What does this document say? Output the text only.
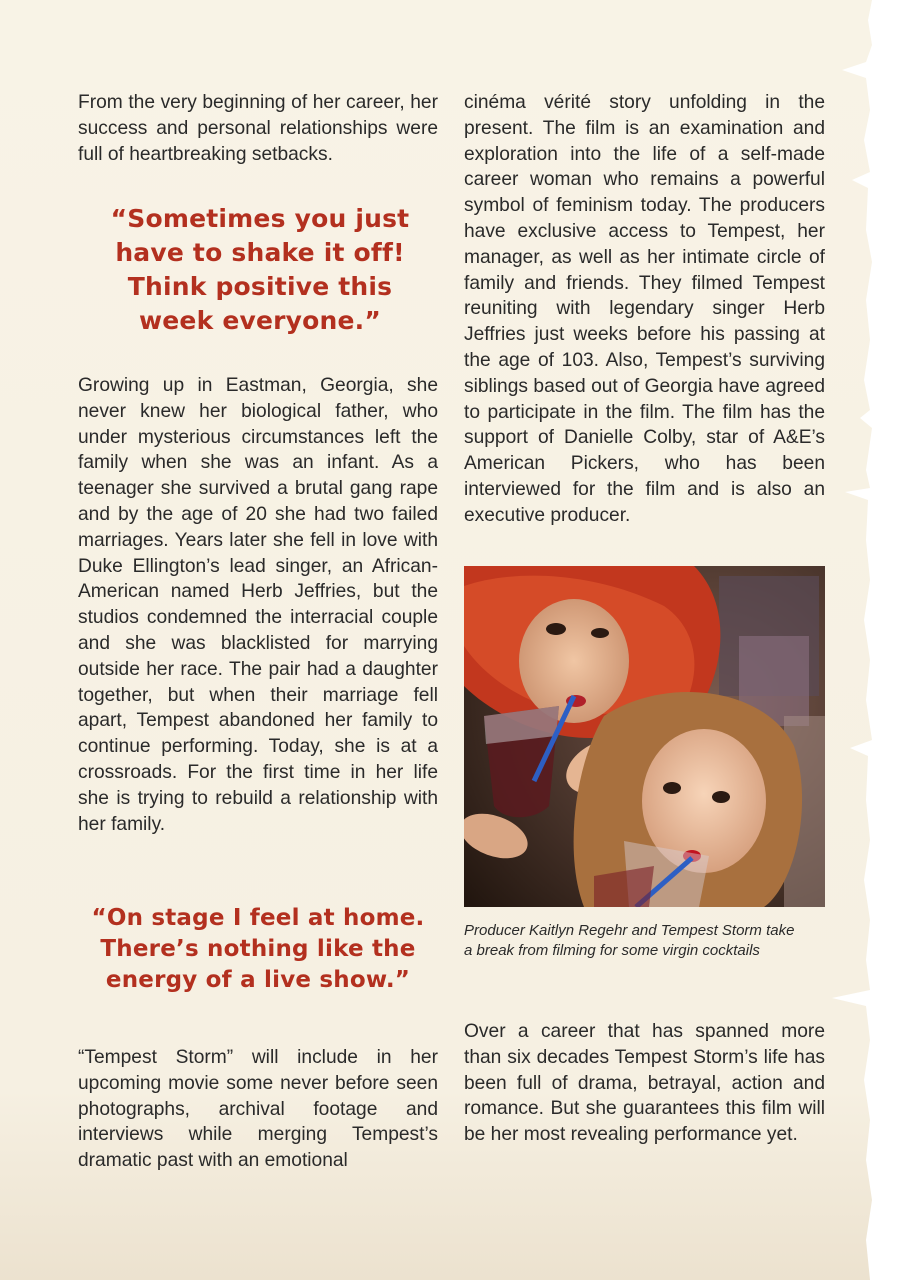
From the very beginning of her career, her success and personal relationships were full of heartbreaking setbacks.

“Sometimes you just have to shake it off! Think positive this week everyone.”

Growing up in Eastman, Georgia, she never knew her biological father, who under mysterious circumstances left the family when she was an infant. As a teenager she survived a brutal gang rape and by the age of 20 she had two failed marriages. Years later she fell in love with Duke Ellington’s lead singer, an African-American named Herb Jeffries, but the studios condemned the interracial couple and she was blacklisted for marrying outside her race. The pair had a daughter together, but when their marriage fell apart, Tempest abandoned her family to continue performing. Today, she is at a crossroads. For the first time in her life she is trying to rebuild a relationship with her family.

“On stage I feel at home. There’s nothing like the energy of a live show.”

“Tempest Storm” will include in her upcoming movie some never before seen photographs, archival footage and interviews while merging Tempest’s dramatic past with an emotional

cinéma vérité story unfolding in the present. The film is an examination and exploration into the life of a self-made career woman who remains a powerful symbol of feminism today. The producers have exclusive access to Tempest, her manager, as well as her intimate circle of family and friends. They filmed Tempest reuniting with legendary singer Herb Jeffries just weeks before his passing at the age of 103. Also, Tempest’s surviving siblings based out of Georgia have agreed to participate in the film. The film has the support of Danielle Colby, star of A&E’s American Pickers, who has been interviewed for the film and is also an executive producer.

Producer Kaitlyn Regehr and Tempest Storm take a break from filming for some virgin cocktails

Over a career that has spanned more than six decades Tempest Storm’s life has been full of drama, betrayal, action and romance. But she guarantees this film will be her most revealing performance yet.
